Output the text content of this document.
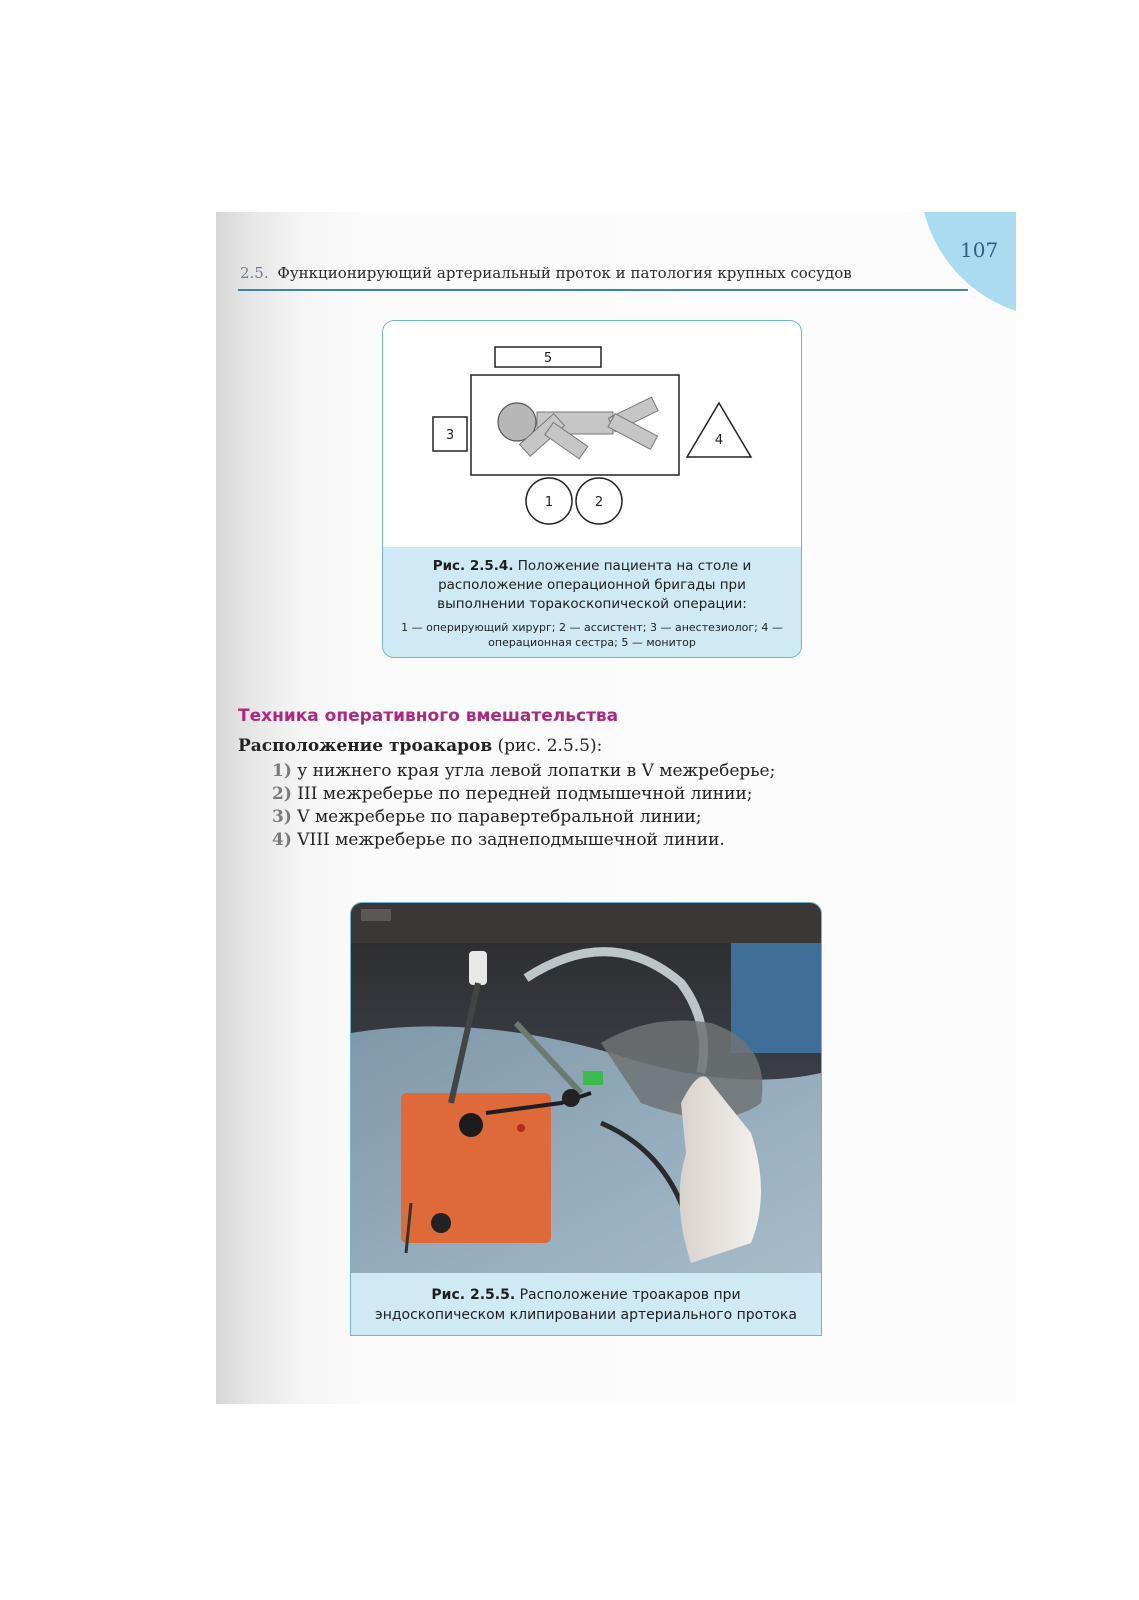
107
2.5. Функционирующий артериальный проток и патология крупных сосудов
5
3	4
1	2
Рис. 2.5.4. Положение пациента на столе и расположение операционной бригады при выполнении торакоскопической операции:
1 — оперирующий хирург; 2 — ассистент; 3 — анестезиолог; 4 — операционная сестра; 5 — монитор
Техника оперативного вмешательства
Расположение троакаров (рис. 2.5.5):
1) у нижнего края угла левой лопатки в V межреберье;
2) III межреберье по передней подмышечной линии;
3) V межреберье по паравертебральной линии;
4) VIII межреберье по заднеподмышечной линии.
Рис. 2.5.5. Расположение троакаров при эндоскопическом клипировании артериального протока
